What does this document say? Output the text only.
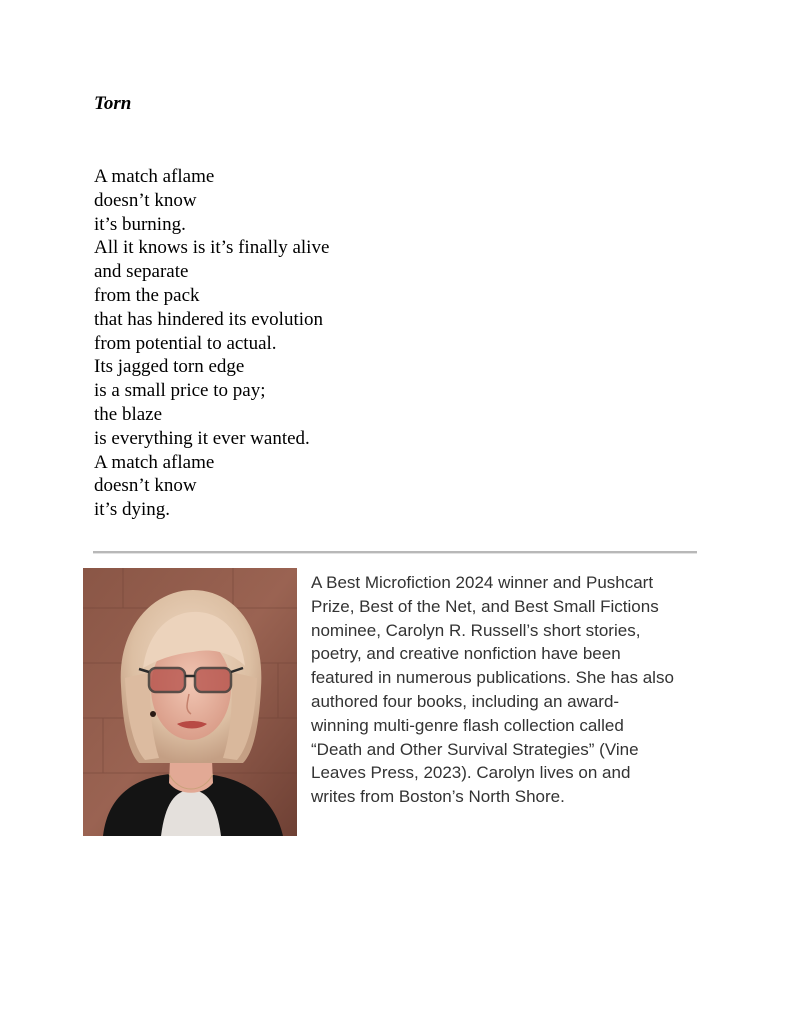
Torn
A match aflame
doesn’t know
it’s burning.
All it knows is it’s finally alive
and separate
from the pack
that has hindered its evolution
from potential to actual.
Its jagged torn edge
is a small price to pay;
the blaze
is everything it ever wanted.
A match aflame
doesn’t know
it’s dying.

A Best Microfiction 2024 winner and Pushcart
Prize, Best of the Net, and Best Small Fictions
nominee, Carolyn R. Russell’s short stories,
poetry, and creative nonfiction have been
featured in numerous publications. She has also
authored four books, including an award-
winning multi-genre flash collection called
“Death and Other Survival Strategies” (Vine
Leaves Press, 2023). Carolyn lives on and
writes from Boston’s North Shore.
